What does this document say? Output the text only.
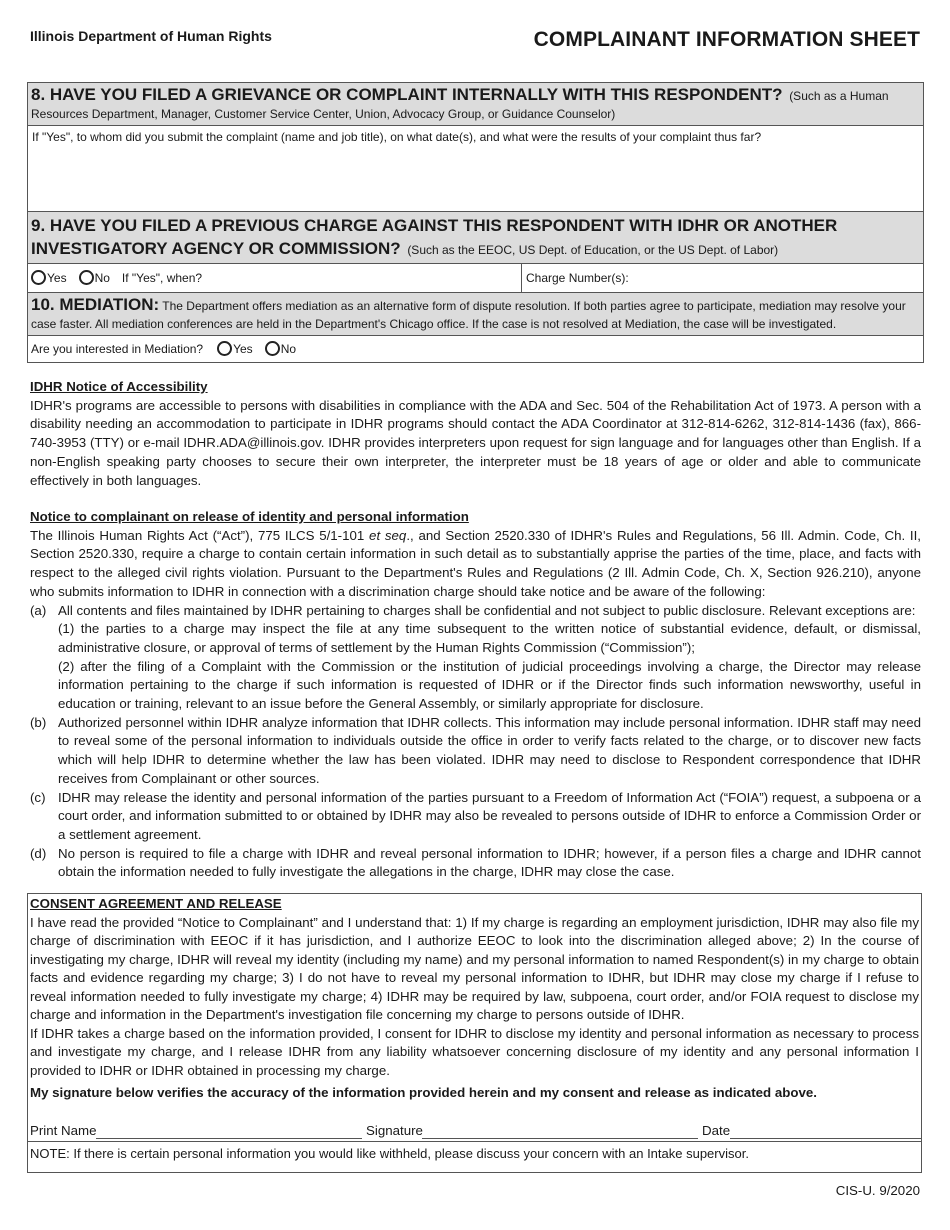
Illinois Department of Human Rights	COMPLAINANT INFORMATION SHEET
8. HAVE YOU FILED A GRIEVANCE OR COMPLAINT INTERNALLY WITH THIS RESPONDENT? (Such as a Human Resources Department, Manager, Customer Service Center, Union, Advocacy Group, or Guidance Counselor)
If "Yes", to whom did you submit the complaint (name and job title), on what date(s), and what were the results of your complaint thus far?
9. HAVE YOU FILED A PREVIOUS CHARGE AGAINST THIS RESPONDENT WITH IDHR OR ANOTHER INVESTIGATORY AGENCY OR COMMISSION? (Such as the EEOC, US Dept. of Education, or the US Dept. of Labor)
Yes No If "Yes", when?	Charge Number(s):
10. MEDIATION: The Department offers mediation as an alternative form of dispute resolution. If both parties agree to participate, mediation may resolve your case faster. All mediation conferences are held in the Department's Chicago office. If the case is not resolved at Mediation, the case will be investigated.
Are you interested in Mediation?	Yes No
IDHR Notice of Accessibility

IDHR's programs are accessible to persons with disabilities in compliance with the ADA and Sec. 504 of the Rehabilitation Act of 1973. A person with a disability needing an accommodation to participate in IDHR programs should contact the ADA Coordinator at 312-814-6262, 312-814-1436 (fax), 866-740-3953 (TTY) or e-mail IDHR.ADA@illinois.gov. IDHR provides interpreters upon request for sign language and for languages other than English. If a non-English speaking party chooses to secure their own interpreter, the interpreter must be 18 years of age or older and able to communicate effectively in both languages.

Notice to complainant on release of identity and personal information

The Illinois Human Rights Act (“Act”), 775 ILCS 5/1-101 et seq., and Section 2520.330 of IDHR's Rules and Regulations, 56 Ill. Admin. Code, Ch. II, Section 2520.330, require a charge to contain certain information in such detail as to substantially apprise the parties of the time, place, and facts with respect to the alleged civil rights violation. Pursuant to the Department's Rules and Regulations (2 Ill. Admin Code, Ch. X, Section 926.210), anyone who submits information to IDHR in connection with a discrimination charge should take notice and be aware of the following:

(a) All contents and files maintained by IDHR pertaining to charges shall be confidential and not subject to public disclosure. Relevant exceptions are:

(1) the parties to a charge may inspect the file at any time subsequent to the written notice of substantial evidence, default, or dismissal, administrative closure, or approval of terms of settlement by the Human Rights Commission (“Commission”);

(2) after the filing of a Complaint with the Commission or the institution of judicial proceedings involving a charge, the Director may release information pertaining to the charge if such information is requested of IDHR or if the Director finds such information newsworthy, useful in education or training, relevant to an issue before the General Assembly, or similarly appropriate for disclosure.

(b) Authorized personnel within IDHR analyze information that IDHR collects. This information may include personal information. IDHR staff may need to reveal some of the personal information to individuals outside the office in order to verify facts related to the charge, or to discover new facts which will help IDHR to determine whether the law has been violated. IDHR may need to disclose to Respondent correspondence that IDHR receives from Complainant or other sources.
(c) IDHR may release the identity and personal information of the parties pursuant to a Freedom of Information Act (“FOIA”) request, a subpoena or a court order, and information submitted to or obtained by IDHR may also be revealed to persons outside of IDHR to enforce a Commission Order or a settlement agreement.
(d) No person is required to file a charge with IDHR and reveal personal information to IDHR; however, if a person files a charge and IDHR cannot obtain the information needed to fully investigate the allegations in the charge, IDHR may close the case.
CONSENT AGREEMENT AND RELEASE

I have read the provided “Notice to Complainant” and I understand that: 1) If my charge is regarding an employment jurisdiction, IDHR may also file my charge of discrimination with EEOC if it has jurisdiction, and I authorize EEOC to look into the discrimination alleged above; 2) In the course of investigating my charge, IDHR will reveal my identity (including my name) and my personal information to named Respondent(s) in my charge to obtain facts and evidence regarding my charge; 3) I do not have to reveal my personal information to IDHR, but IDHR may close my charge if I refuse to reveal information needed to fully investigate my charge; 4) IDHR may be required by law, subpoena, court order, and/or FOIA request to disclose my charge and information in the Department's investigation file concerning my charge to persons outside of IDHR.

If IDHR takes a charge based on the information provided, I consent for IDHR to disclose my identity and personal information as necessary to process and investigate my charge, and I release IDHR from any liability whatsoever concerning disclosure of my identity and any personal information I provided to IDHR or IDHR obtained in processing my charge.

My signature below verifies the accuracy of the information provided herein and my consent and release as indicated above.

Print Name	Signature	Date
NOTE: If there is certain personal information you would like withheld, please discuss your concern with an Intake supervisor.
CIS-U. 9/2020
